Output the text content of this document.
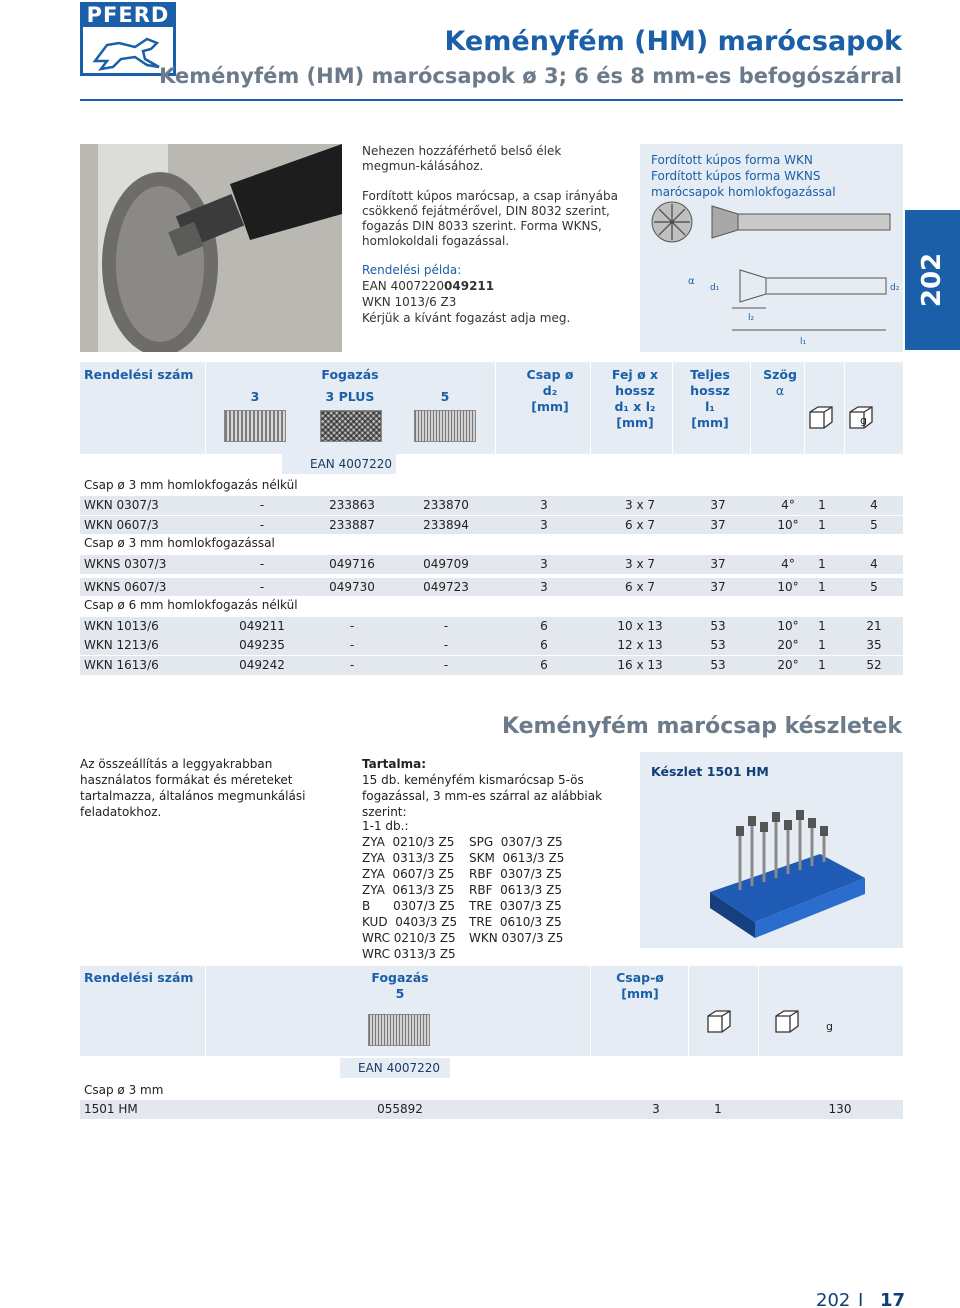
PFERD
Keményfém (HM) marócsapok
Keményfém (HM) marócsapok ø 3; 6 és 8 mm-es befogószárral
202

Nehezen hozzáférhető belső élek megmun-kálásához.

Fordított kúpos marócsap, a csap irányába csökkenő fejátmérővel, DIN 8032 szerint, fogazás DIN 8033 szerint. Forma WKNS, homlokoldali fogazással.

Rendelési példa:
EAN 4007220049211
WKN 1013/6 Z3
Kérjük a kívánt fogazást adja meg.
Fordított kúpos forma WKN
Fordított kúpos forma WKNS
marócsapok homlokfogazással
α
d₁	d₂
l₂
l₁
Rendelési szám	Fogazás
3	3 PLUS	5
Csap ø
d₂
[mm]
Fej ø x
hossz
d₁ x l₂
[mm]
Teljes
hossz
l₁
[mm]
Szög
α
g
EAN 4007220
Csap ø 3 mm homlokfogazás nélkül
WKN 0307/3	-	233863	233870	3	3 x 7	37	4° 1	4
WKN 0607/3	-	233887	233894	3	6 x 7	37	10° 1	5
Csap ø 3 mm homlokfogazással
WKNS 0307/3	-	049716	049709	3	3 x 7	37	4° 1	4
WKNS 0607/3	-	049730	049723	3	6 x 7	37	10° 1	5
Csap ø 6 mm homlokfogazás nélkül
WKN 1013/6	049211	-	-	6	10 x 13	53	10° 1	21
WKN 1213/6	049235	-	-	6	12 x 13	53	20° 1	35
WKN 1613/6	049242	-	-	6	16 x 13	53	20° 1	52
Keményfém marócsap készletek
Az összeállítás a leggyakrabban használatos formákat és méreteket tartalmazza, általános megmunkálási feladatokhoz.
Tartalma:
15 db. keményfém kismarócsap 5-ös fogazással, 3 mm-es szárral az alábbiak szerint:
1-1 db.:
ZYA  0210/3 Z5
ZYA  0313/3 Z5
ZYA  0607/3 Z5
ZYA  0613/3 Z5
B      0307/3 Z5
KUD  0403/3 Z5
WRC 0210/3 Z5
WRC 0313/3 Z5
SPG  0307/3 Z5
SKM  0613/3 Z5
RBF  0307/3 Z5
RBF  0613/3 Z5
TRE  0307/3 Z5
TRE  0610/3 Z5
WKN 0307/3 Z5
Készlet 1501 HM
Rendelési szám	Fogazás
5
Csap-ø
[mm]
g
EAN 4007220
Csap ø 3 mm
1501 HM	055892	3	1	130
202 I 17
